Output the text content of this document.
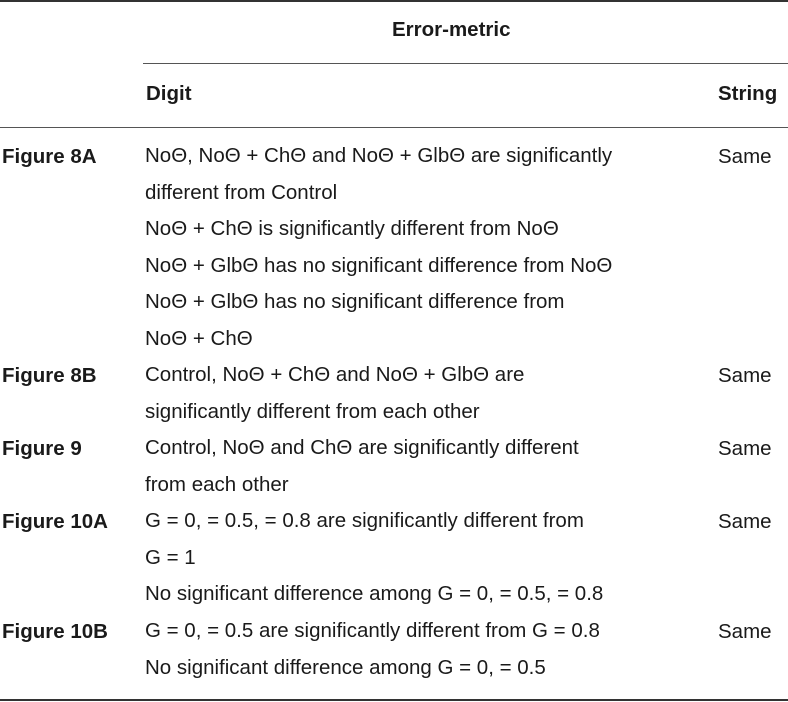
Error-metric
Digit	String
Figure 8A NoΘ, NoΘ + ChΘ and NoΘ + GlbΘ are significantly
different from Control
NoΘ + ChΘ is significantly different from NoΘ
NoΘ + GlbΘ has no significant difference from NoΘ
NoΘ + GlbΘ has no significant difference from
NoΘ + ChΘ
Same
Figure 8B Control, NoΘ + ChΘ and NoΘ + GlbΘ are
significantly different from each other
Same
Figure 9	Control, NoΘ and ChΘ are significantly different
from each other
Same
Figure 10A G = 0, = 0.5, = 0.8 are significantly different from
G = 1
No significant difference among G = 0, = 0.5, = 0.8
Same
Figure 10B G = 0, = 0.5 are significantly different from G = 0.8
No significant difference among G = 0, = 0.5
Same
